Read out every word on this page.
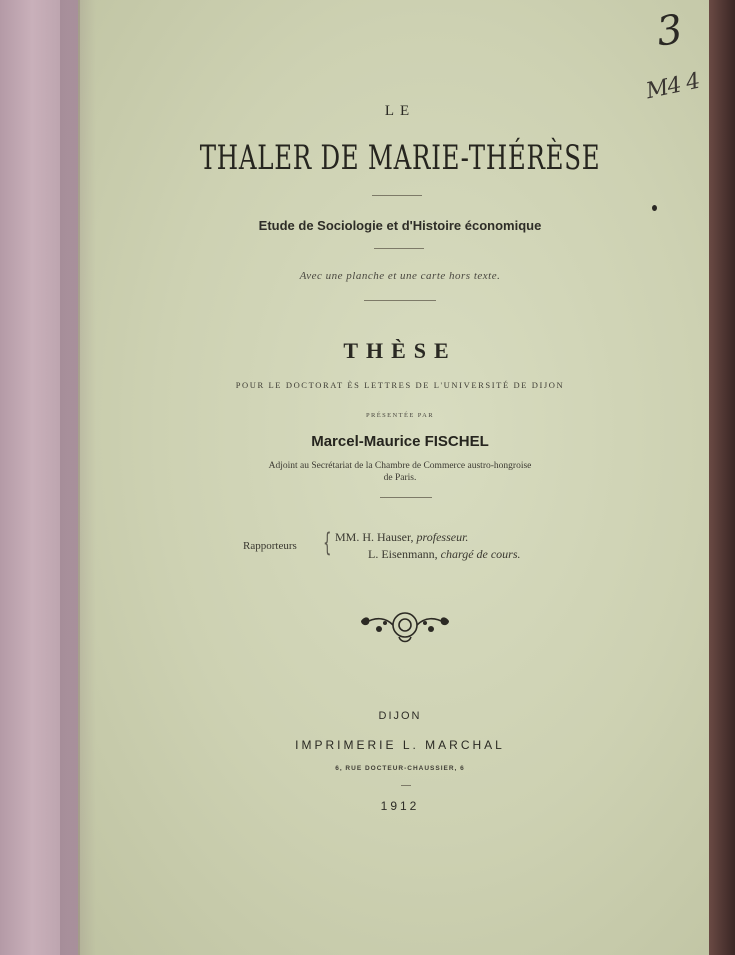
3
M4 4
LE
THALER DE MARIE-THÉRÈSE
Etude de Sociologie et d'Histoire économique
Avec une planche et une carte hors texte.
THÈSE
POUR LE DOCTORAT ÈS LETTRES DE L'UNIVERSITÉ DE DIJON
PRÉSENTÉE PAR
Marcel-Maurice FISCHEL
Adjoint au Secrétariat de la Chambre de Commerce austro-hongroise
de Paris.
Rapporteurs { MM. H. Hauser, professeur.
L. Eisenmann, chargé de cours.
DIJON
IMPRIMERIE L. MARCHAL
6, RUE DOCTEUR-CHAUSSIER, 6
1912
